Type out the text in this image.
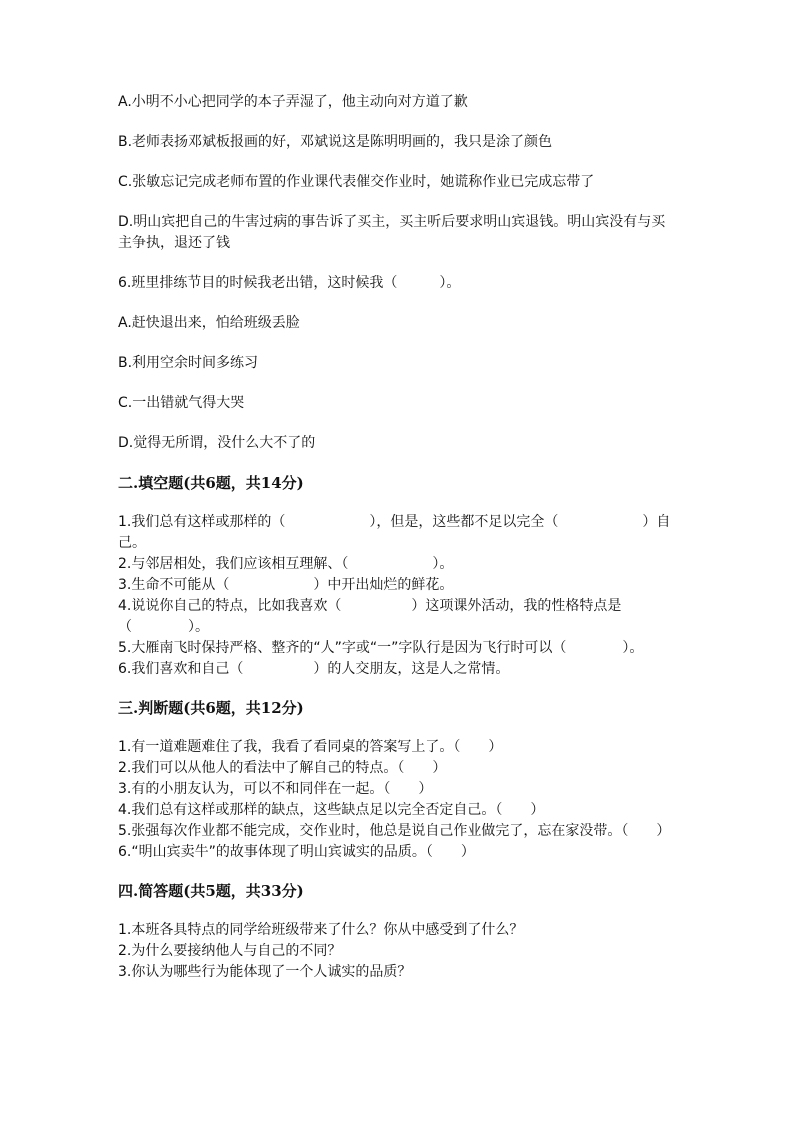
A.小明不小心把同学的本子弄湿了，他主动向对方道了歉
B.老师表扬邓斌板报画的好，邓斌说这是陈明明画的，我只是涂了颜色
C.张敏忘记完成老师布置的作业课代表催交作业时，她谎称作业已完成忘带了
D.明山宾把自己的牛害过病的事告诉了买主，买主听后要求明山宾退钱。明山宾没有与买主争执，退还了钱
6.班里排练节目的时候我老出错，这时候我（　　　）。
A.赶快退出来，怕给班级丢脸
B.利用空余时间多练习
C.一出错就气得大哭
D.觉得无所谓，没什么大不了的
二.填空题(共6题，共14分)
1.我们总有这样或那样的（　　　　　　），但是，这些都不足以完全（　　　　　　）自己。
2.与邻居相处，我们应该相互理解、（　　　　　　）。
3.生命不可能从（　　　　　　）中开出灿烂的鲜花。
4.说说你自己的特点，比如我喜欢（　　　　　）这项课外活动，我的性格特点是（　　　　）。
5.大雁南飞时保持严格、整齐的“人”字或“一”字队行是因为飞行时可以（　　　　）。
6.我们喜欢和自己（　　　　　）的人交朋友，这是人之常情。
三.判断题(共6题，共12分)
1.有一道难题难住了我，我看了看同桌的答案写上了。（　　）
2.我们可以从他人的看法中了解自己的特点。（　　）
3.有的小朋友认为，可以不和同伴在一起。（　　）
4.我们总有这样或那样的缺点，这些缺点足以完全否定自己。（　　）
5.张强每次作业都不能完成，交作业时，他总是说自己作业做完了，忘在家没带。（　　）
6.“明山宾卖牛”的故事体现了明山宾诚实的品质。（　　）
四.简答题(共5题，共33分)
1.本班各具特点的同学给班级带来了什么？你从中感受到了什么？
2.为什么要接纳他人与自己的不同？
3.你认为哪些行为能体现了一个人诚实的品质？
